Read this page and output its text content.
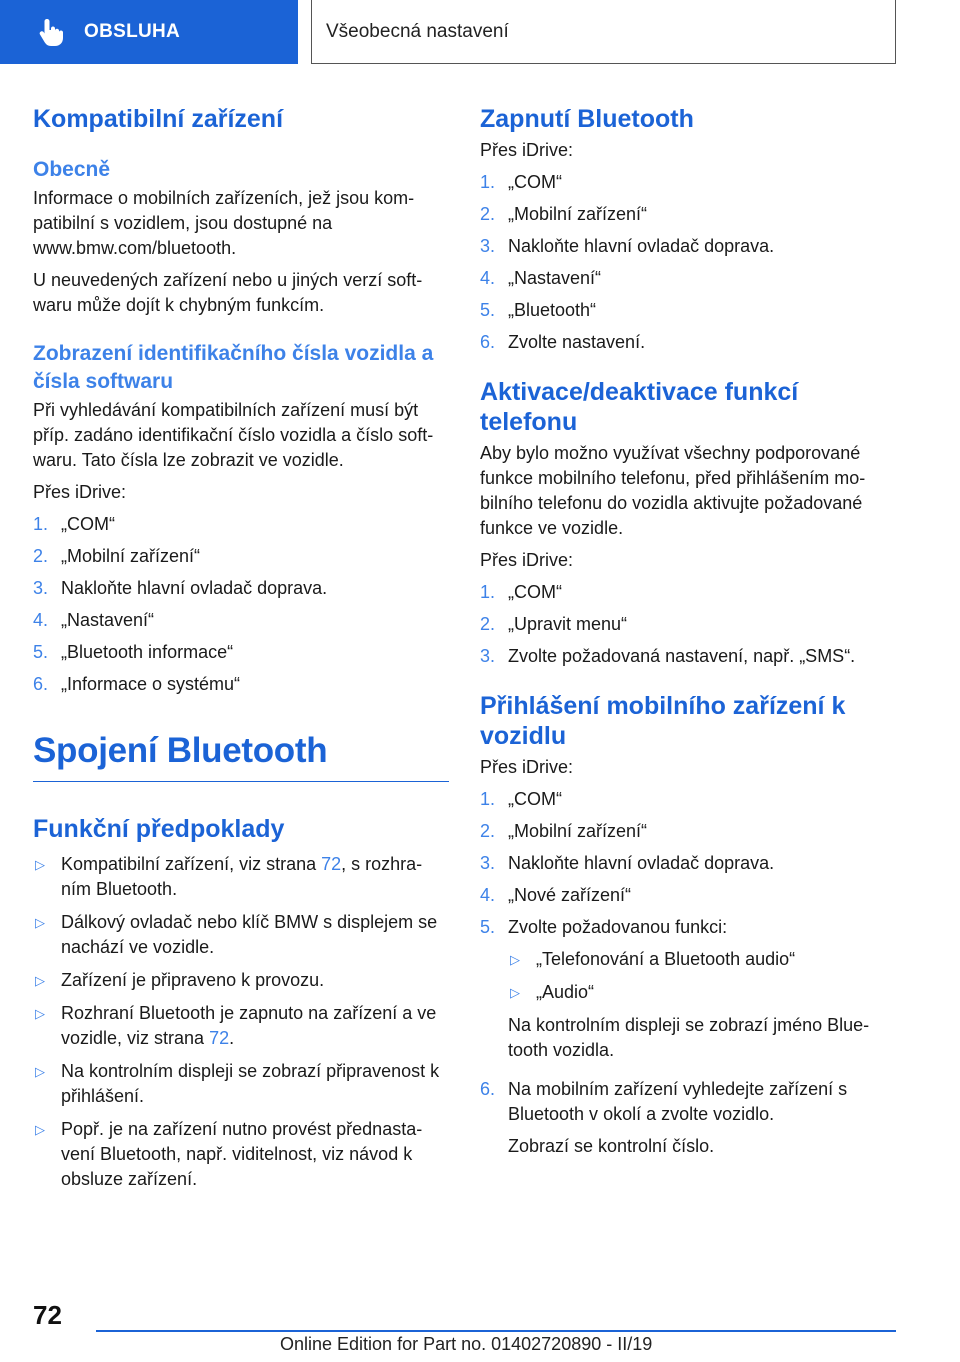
OBSLUHA	Všeobecná nastavení
Kompatibilní zařízení
Obecně

Informace o mobilních zařízeních, jež jsou kom-patibilní s vozidlem, jsou dostupné na www.bmw.com/bluetooth.

U neuvedených zařízení nebo u jiných verzí soft-waru může dojít k chybným funkcím.

Zobrazení identifikačního čísla vozidla a čísla softwaru

Při vyhledávání kompatibilních zařízení musí být příp. zadáno identifikační číslo vozidla a číslo soft-waru. Tato čísla lze zobrazit ve vozidle.

Přes iDrive:

1. „COM“
2. „Mobilní zařízení“
3. Nakloňte hlavní ovladač doprava.
4. „Nastavení“
5. „Bluetooth informace“
6. „Informace o systému“
Spojení Bluetooth
Funkční předpoklady
▷ Kompatibilní zařízení, viz strana 72, s rozhra-ním Bluetooth.
▷ Dálkový ovladač nebo klíč BMW s displejem se nachází ve vozidle.
▷ Zařízení je připraveno k provozu.
▷ Rozhraní Bluetooth je zapnuto na zařízení a ve vozidle, viz strana 72.
▷ Na kontrolním displeji se zobrazí připravenost k přihlášení.
▷ Popř. je na zařízení nutno provést přednasta-vení Bluetooth, např. viditelnost, viz návod k obsluze zařízení.
Zapnutí Bluetooth

Přes iDrive:

1. „COM“
2. „Mobilní zařízení“
3. Nakloňte hlavní ovladač doprava.
4. „Nastavení“
5. „Bluetooth“
6. Zvolte nastavení.
Aktivace/deaktivace funkcí telefonu

Aby bylo možno využívat všechny podporované funkce mobilního telefonu, před přihlášením mo-bilního telefonu do vozidla aktivujte požadované funkce ve vozidle.

Přes iDrive:

1. „COM“
2. „Upravit menu“
3. Zvolte požadovaná nastavení, např. „SMS“.
Přihlášení mobilního zařízení k vozidlu

Přes iDrive:

1. „COM“
2. „Mobilní zařízení“
3. Nakloňte hlavní ovladač doprava.
4. „Nové zařízení“
5. Zvolte požadovanou funkci:
▷ „Telefonování a Bluetooth audio“
▷ „Audio“
Na kontrolním displeji se zobrazí jméno Blue-tooth vozidla.
6. Na mobilním zařízení vyhledejte zařízení s Bluetooth v okolí a zvolte vozidlo.
Zobrazí se kontrolní číslo.
72
Online Edition for Part no. 01402720890 - II/19
